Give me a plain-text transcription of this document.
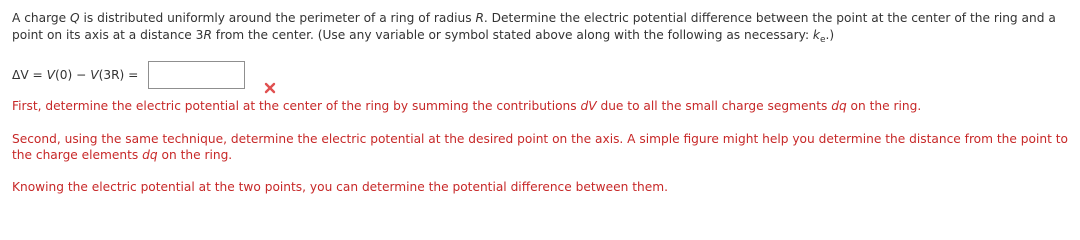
A charge Q is distributed uniformly around the perimeter of a ring of radius R. Determine the electric potential difference between the point at the center of the ring and a point on its axis at a distance 3R from the center. (Use any variable or symbol stated above along with the following as necessary: $k_e$.)

ΔV = V(0) − V(3R) =

First, determine the electric potential at the center of the ring by summing the contributions dV due to all the small charge segments dq on the ring.

Second, using the same technique, determine the electric potential at the desired point on the axis. A simple figure might help you determine the distance from the point to the charge elements dq on the ring.

Knowing the electric potential at the two points, you can determine the potential difference between them.
